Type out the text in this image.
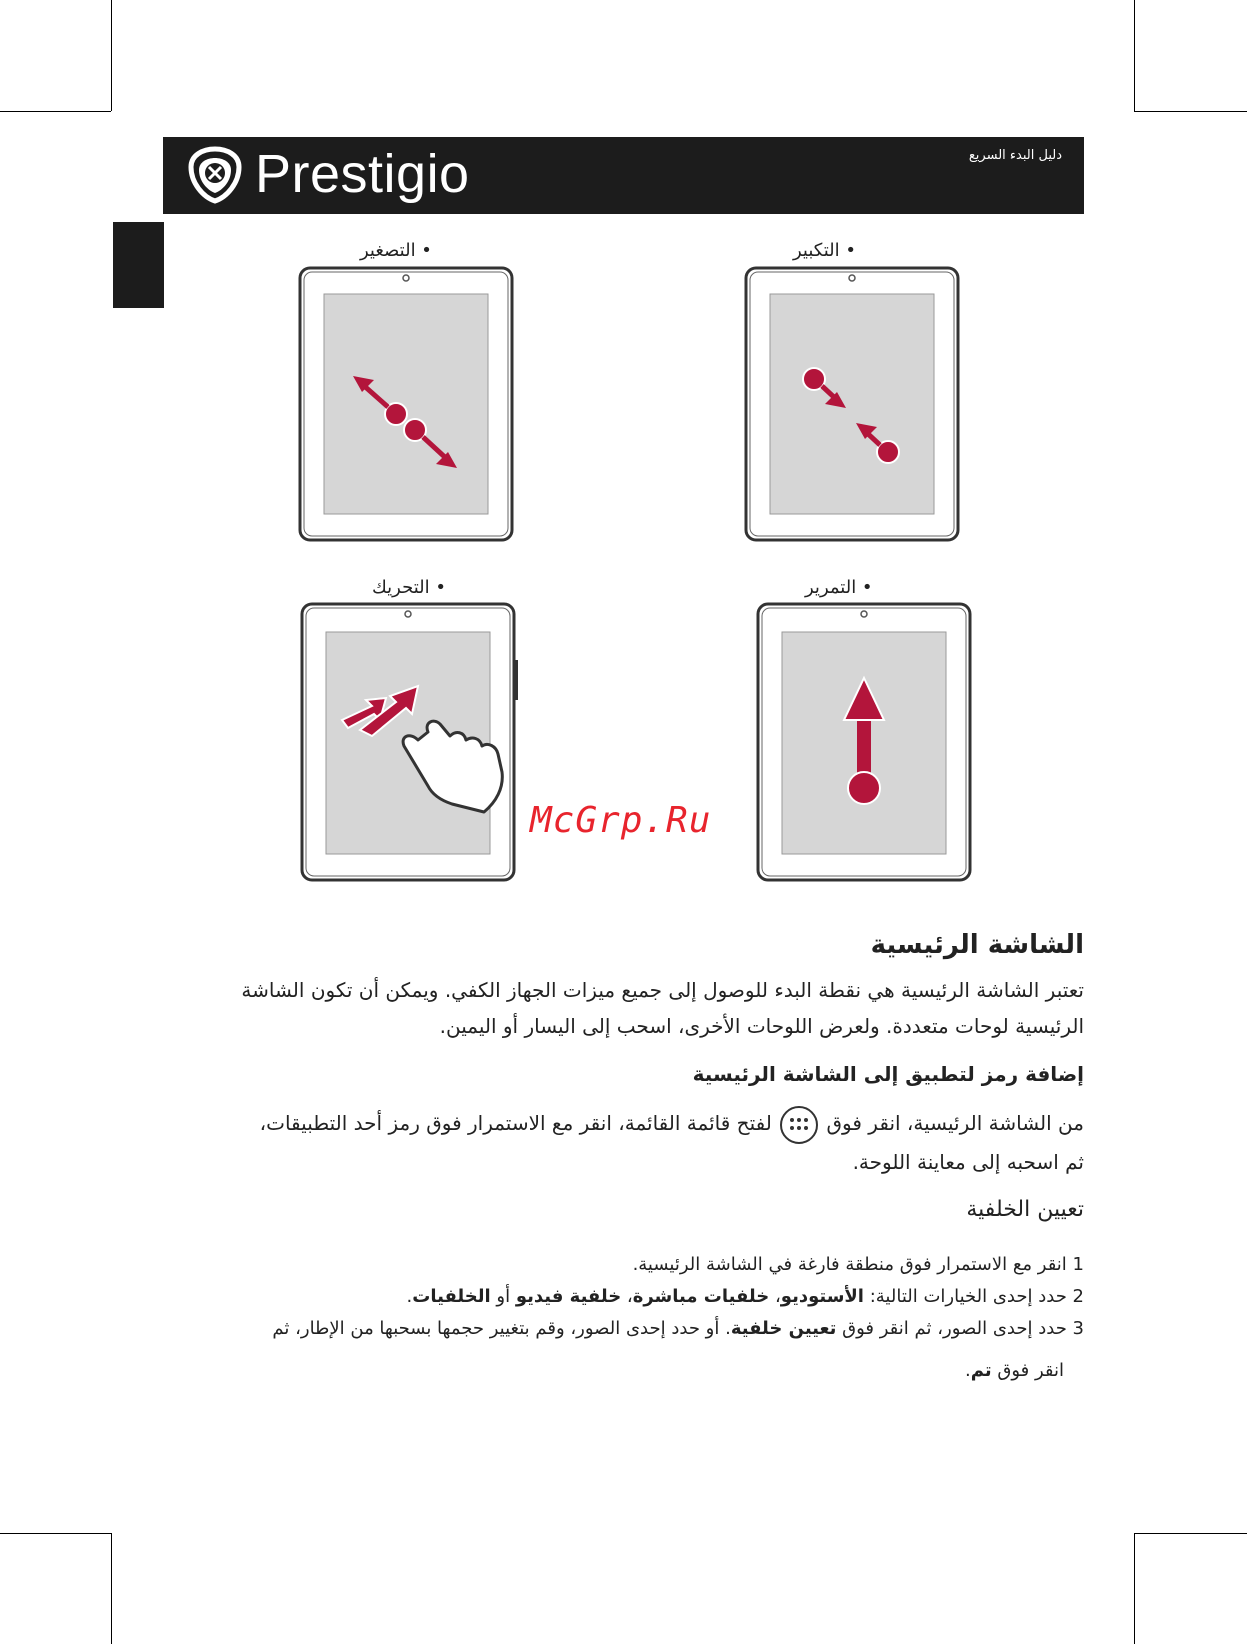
Prestigio	دليل البدء السريع
• التصغير	• التكبير
• التحريك	• التمرير
McGrp.Ru
الشاشة الرئيسية
تعتبر الشاشة الرئيسية هي نقطة البدء للوصول إلى جميع ميزات الجهاز الكفي. ويمكن أن تكون الشاشة الرئيسية لوحات متعددة. ولعرض اللوحات الأخرى، اسحب إلى اليسار أو اليمين.
إضافة رمز لتطبيق إلى الشاشة الرئيسية
من الشاشة الرئيسية، انقر فوق
لفتح قائمة القائمة، انقر مع الاستمرار فوق رمز أحد التطبيقات، ثم اسحبه إلى معاينة اللوحة.
تعيين الخلفية
1 انقر مع الاستمرار فوق منطقة فارغة في الشاشة الرئيسية.
2 حدد إحدى الخيارات التالية: الأستوديو، خلفيات مباشرة، خلفية فيديو أو الخلفيات.
3 حدد إحدى الصور، ثم انقر فوق تعيين خلفية. أو حدد إحدى الصور، وقم بتغيير حجمها بسحبها من الإطار، ثم
انقر فوق تم.
